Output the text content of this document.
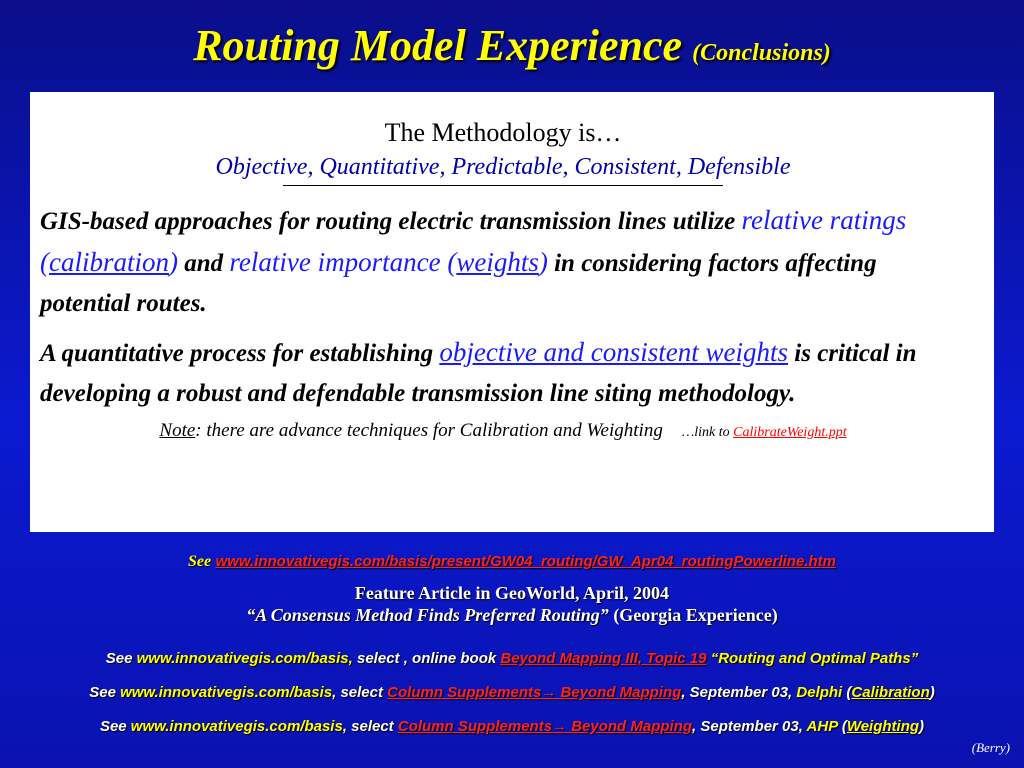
Routing Model Experience (Conclusions)
The Methodology is…
Objective, Quantitative, Predictable, Consistent, Defensible
GIS-based approaches for routing electric transmission lines utilize relative ratings (calibration) and relative importance (weights) in considering factors affecting potential routes.
A quantitative process for establishing objective and consistent weights is critical in developing a robust and defendable transmission line siting methodology.
Note: there are advance techniques for Calibration and Weighting …link to CalibrateWeight.ppt
See www.innovativegis.com/basis/present/GW04_routing/GW_Apr04_routingPowerline.htm
Feature Article in GeoWorld, April, 2004
“A Consensus Method Finds Preferred Routing” (Georgia Experience)
See www.innovativegis.com/basis, select , online book Beyond Mapping III, Topic 19 “Routing and Optimal Paths”
See www.innovativegis.com/basis, select Column Supplements→ Beyond Mapping, September 03, Delphi (Calibration)
See www.innovativegis.com/basis, select Column Supplements→ Beyond Mapping, September 03, AHP (Weighting)
(Berry)
